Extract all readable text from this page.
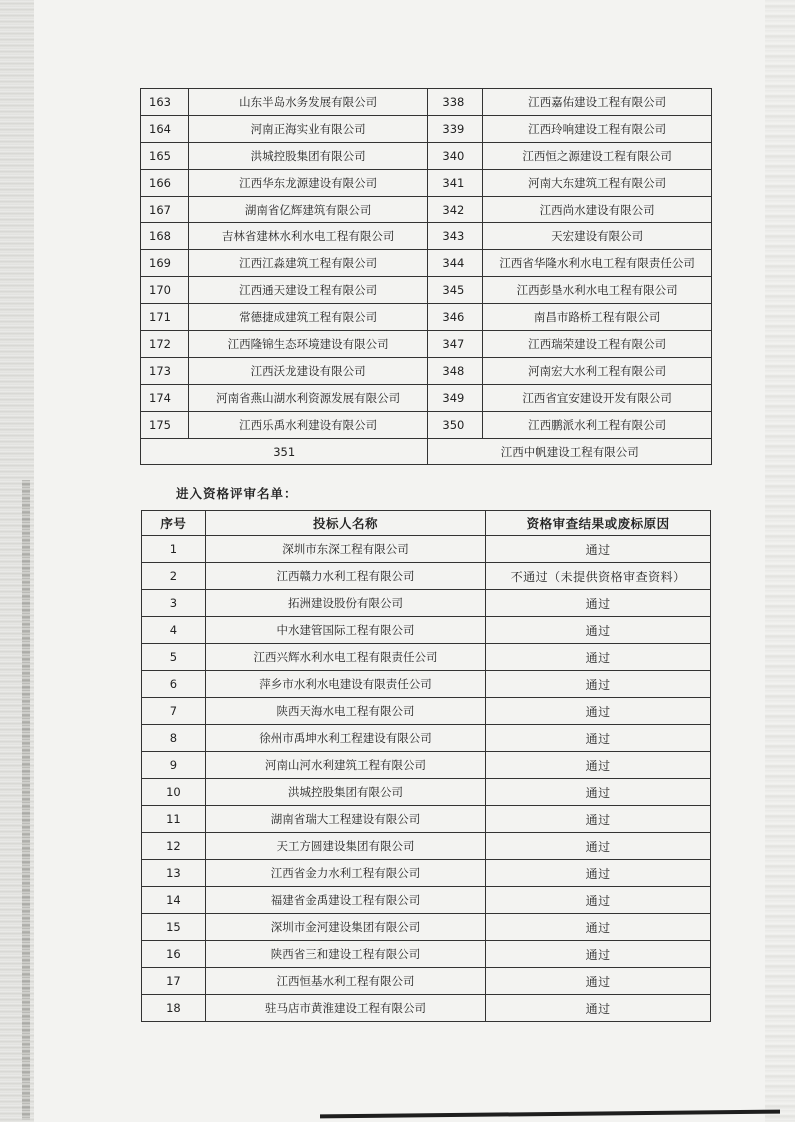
163	山东半岛水务发展有限公司	338	江西嘉佑建设工程有限公司
164	河南正海实业有限公司	339	江西玲响建设工程有限公司
165	洪城控股集团有限公司	340	江西恒之源建设工程有限公司
166	江西华东龙源建设有限公司	341	河南大东建筑工程有限公司
167	湖南省亿辉建筑有限公司	342	江西尚水建设有限公司
168	吉林省建林水利水电工程有限公司	343	天宏建设有限公司
169	江西江淼建筑工程有限公司	344	江西省华隆水利水电工程有限责任公司
170	江西通天建设工程有限公司	345	江西彭垦水利水电工程有限公司
171	常德捷成建筑工程有限公司	346	南昌市路桥工程有限公司
172	江西隆锦生态环境建设有限公司	347	江西瑞荣建设工程有限公司
173	江西沃龙建设有限公司	348	河南宏大水利工程有限公司
174	河南省燕山湖水利资源发展有限公司	349	江西省宜安建设开发有限公司
175	江西乐禹水利建设有限公司	350	江西鹏派水利工程有限公司
351		江西中帆建设工程有限公司	
进入资格评审名单：
序号	投标人名称	资格审查结果或废标原因
1	深圳市东深工程有限公司	通过
2	江西赣力水利工程有限公司	不通过（未提供资格审查资料）
3	拓洲建设股份有限公司	通过
4	中水建管国际工程有限公司	通过
5	江西兴辉水利水电工程有限责任公司	通过
6	萍乡市水利水电建设有限责任公司	通过
7	陕西天海水电工程有限公司	通过
8	徐州市禹坤水利工程建设有限公司	通过
9	河南山河水利建筑工程有限公司	通过
10	洪城控股集团有限公司	通过
11	湖南省瑞大工程建设有限公司	通过
12	天工方圆建设集团有限公司	通过
13	江西省金力水利工程有限公司	通过
14	福建省金禹建设工程有限公司	通过
15	深圳市金河建设集团有限公司	通过
16	陕西省三和建设工程有限公司	通过
17	江西恒基水利工程有限公司	通过
18	驻马店市黄淮建设工程有限公司	通过
